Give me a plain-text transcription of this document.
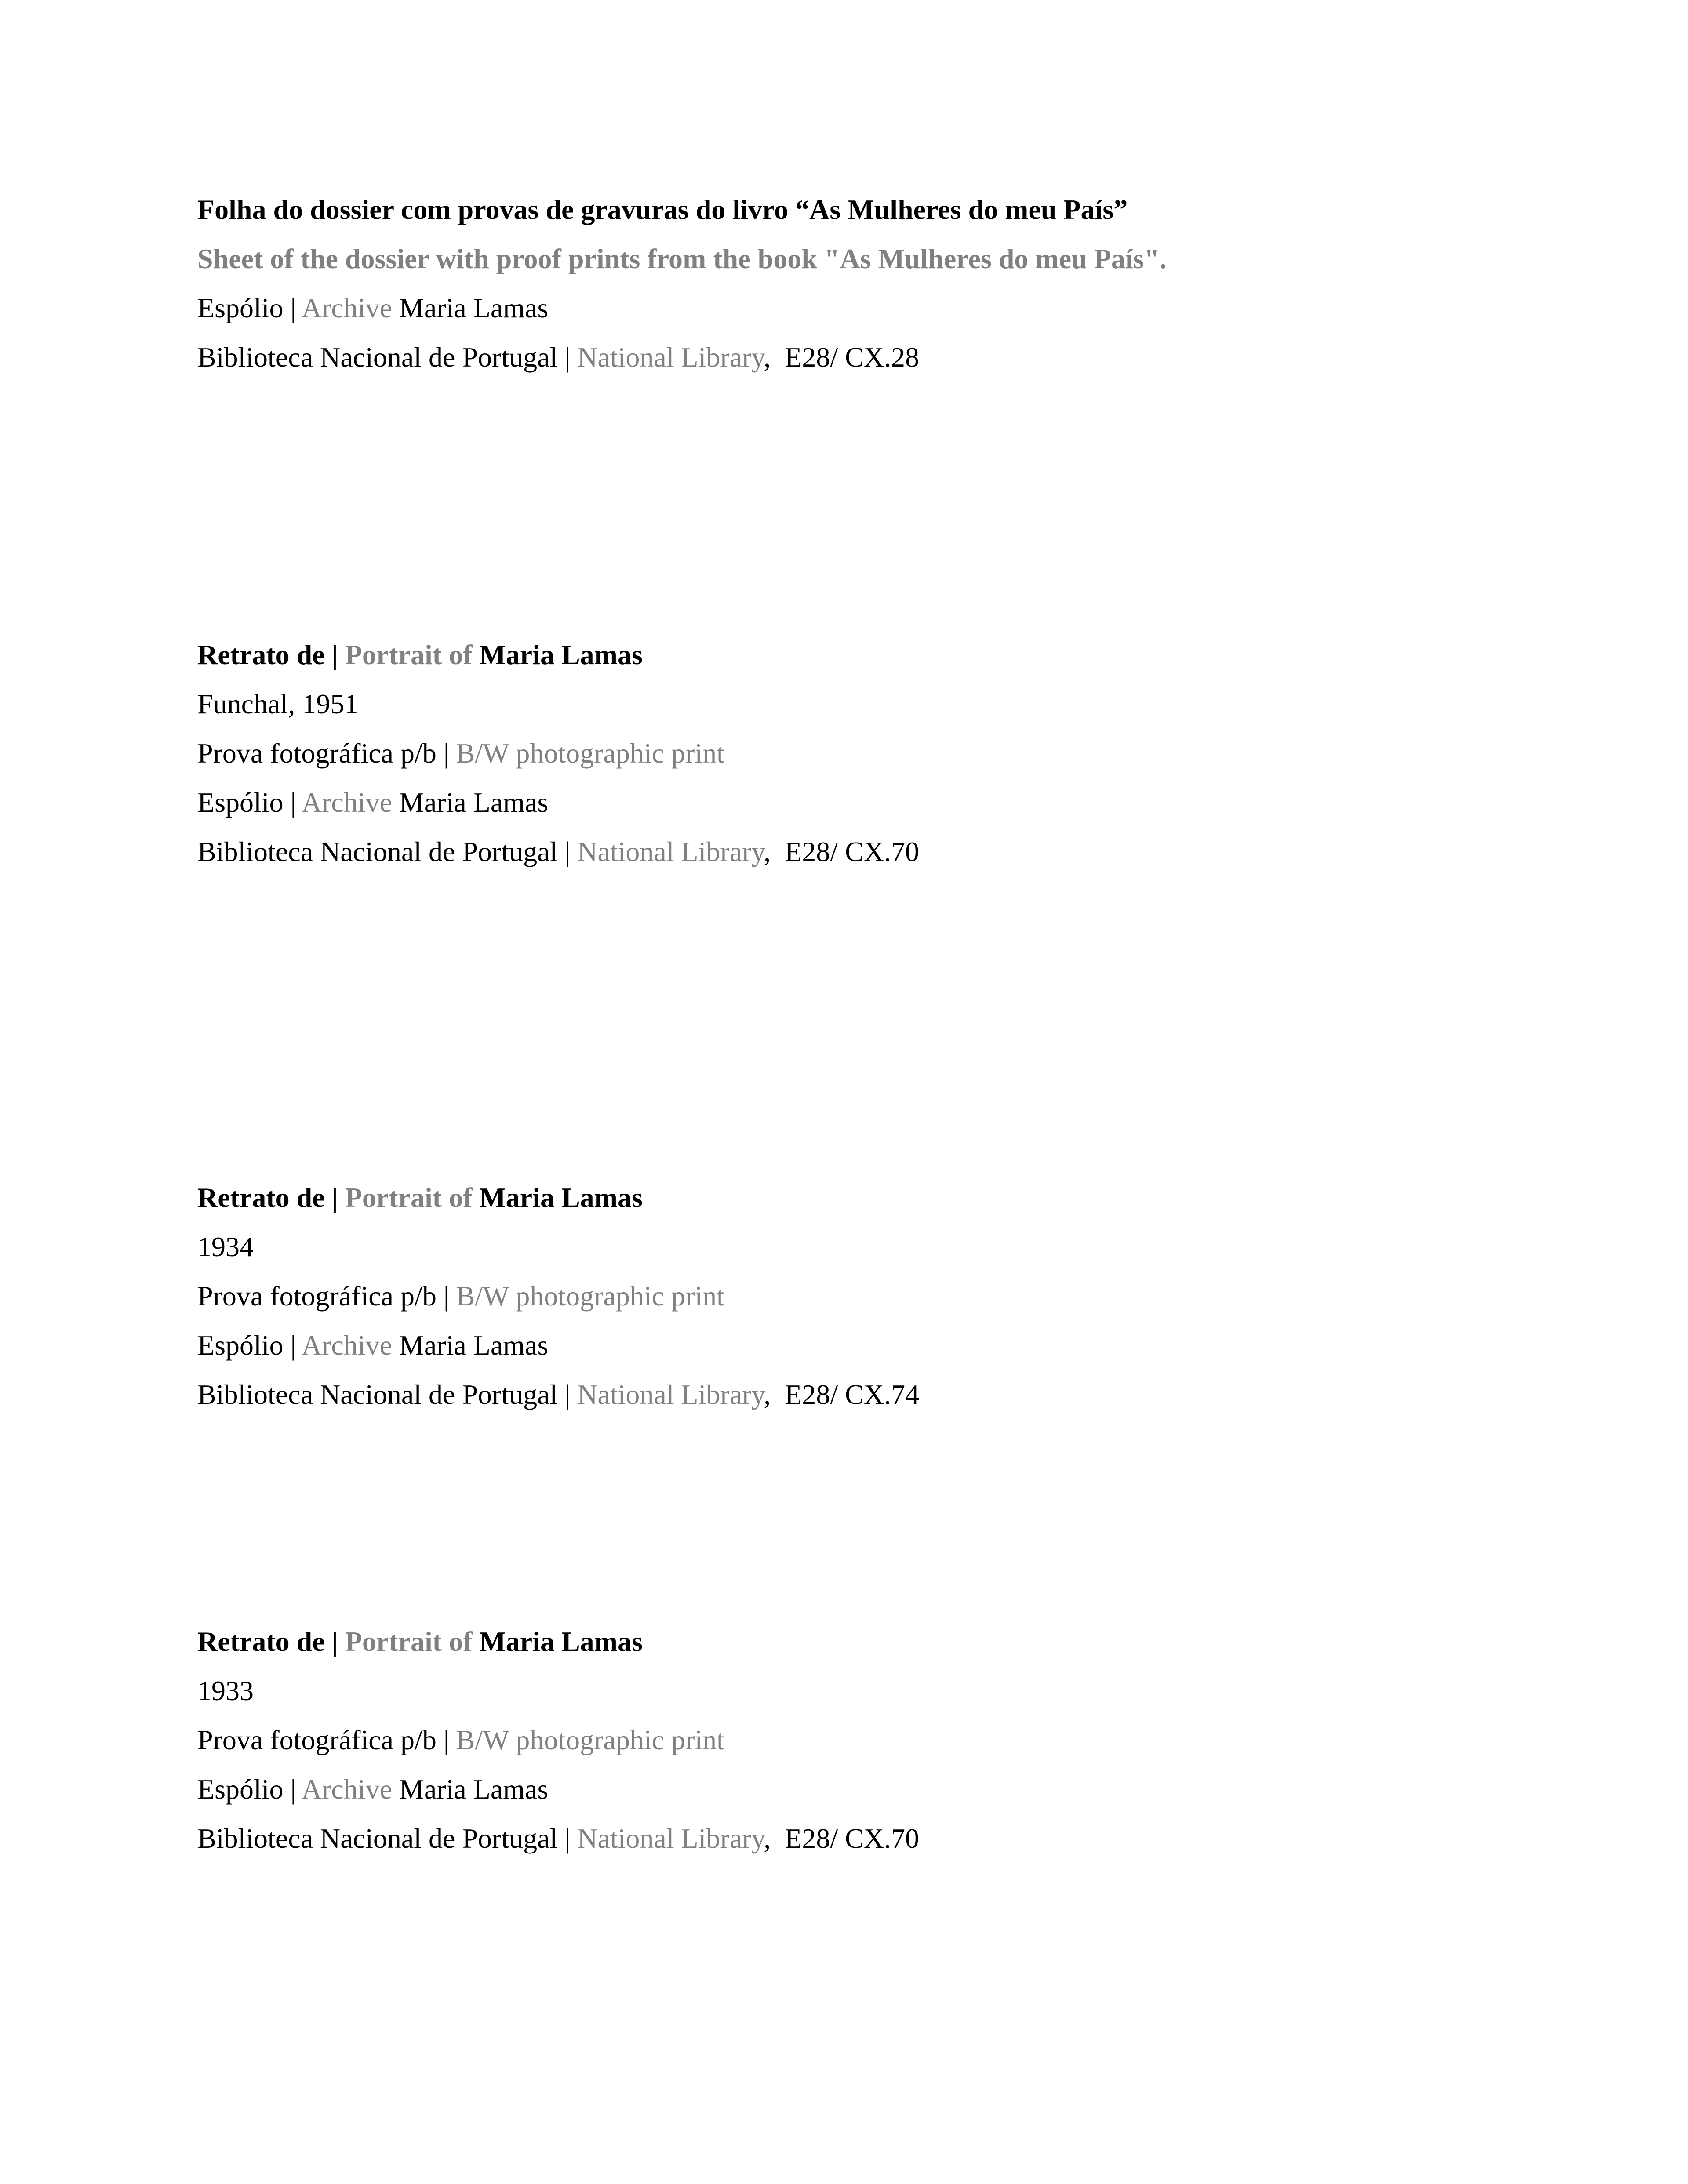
Folha do dossier com provas de gravuras do livro “As Mulheres do meu País”
Sheet of the dossier with proof prints from the book "As Mulheres do meu País".
Espólio | Archive Maria Lamas
Biblioteca Nacional de Portugal | National Library,  E28/ CX.28
Retrato de | Portrait of Maria Lamas
Funchal, 1951
Prova fotográfica p/b | B/W photographic print
Espólio | Archive Maria Lamas
Biblioteca Nacional de Portugal | National Library,  E28/ CX.70
Retrato de | Portrait of Maria Lamas
1934
Prova fotográfica p/b | B/W photographic print
Espólio | Archive Maria Lamas
Biblioteca Nacional de Portugal | National Library,  E28/ CX.74
Retrato de | Portrait of Maria Lamas
1933
Prova fotográfica p/b | B/W photographic print
Espólio | Archive Maria Lamas
Biblioteca Nacional de Portugal | National Library,  E28/ CX.70
